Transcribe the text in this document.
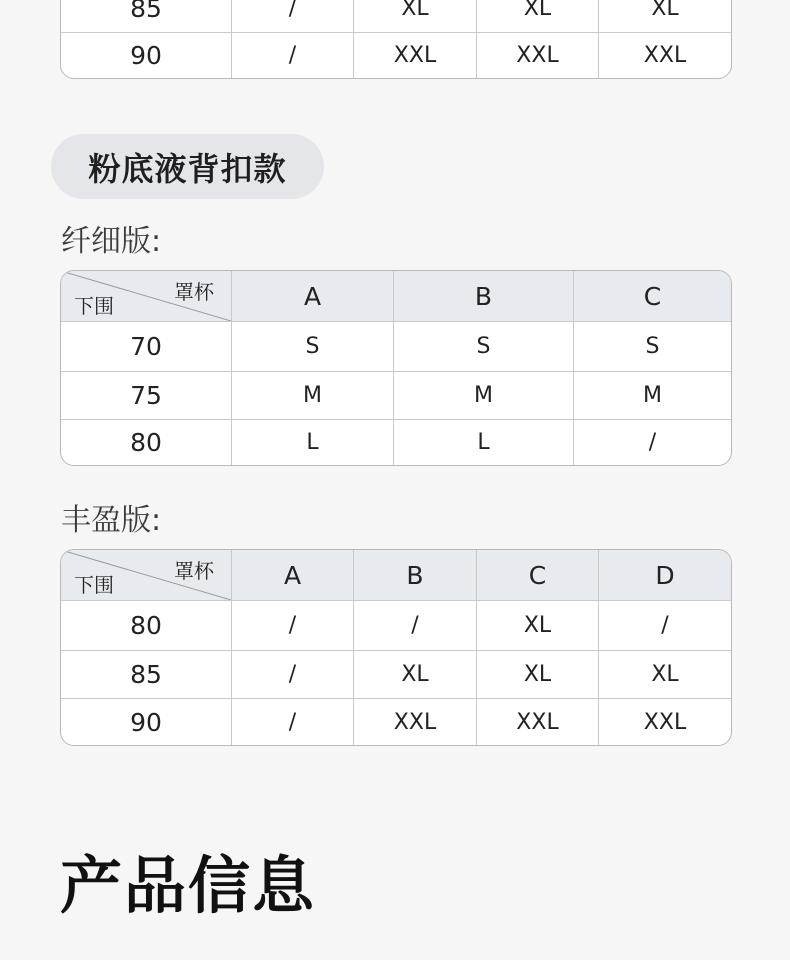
85	/	XL	XL	XL
90	/	XXL	XXL	XXL
粉底液背扣款
纤细版:
罩杯
下围	A	B	C
70	S	S	S
75	M	M	M
80	L	L	/
丰盈版:
罩杯
下围	A	B	C	D
80	/	/	XL	/
85	/	XL	XL	XL
90	/	XXL	XXL	XXL
产品信息
